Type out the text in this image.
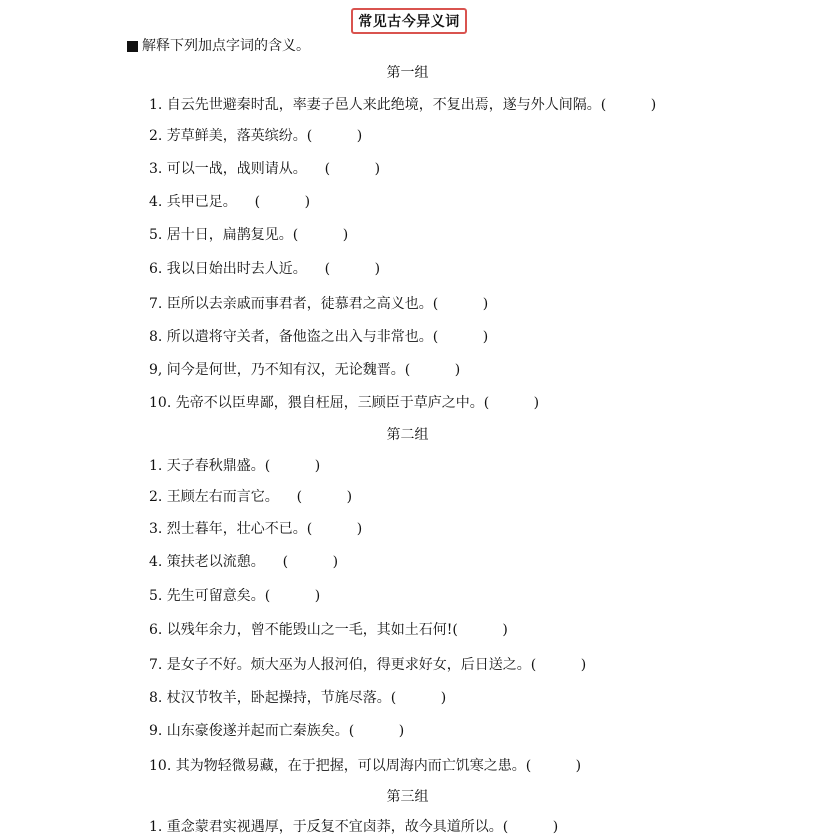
常见古今异义词
解释下列加点字词的含义。
第一组
1. 自云先世避秦时乱，率妻子邑人来此绝境，不复出焉，遂与外人间隔。(          )
2. 芳草鲜美，落英缤纷。(          )
3. 可以一战，战则请从。    (          )
4. 兵甲已足。    (          )
5. 居十日，扁鹊复见。(          )
6. 我以日始出时去人近。    (          )
7. 臣所以去亲戚而事君者，徒慕君之高义也。(          )
8. 所以遣将守关者，备他盗之出入与非常也。(          )
9, 问今是何世，乃不知有汉，无论魏晋。(          )
10. 先帝不以臣卑鄙，猥自枉屈，三顾臣于草庐之中。(          )
第二组
1. 天子春秋鼎盛。(          )
2. 王顾左右而言它。    (          )
3. 烈士暮年，壮心不已。(          )
4. 策扶老以流憩。    (          )
5. 先生可留意矣。(          )
6. 以残年余力，曾不能毁山之一毛，其如土石何!(          )
7. 是女子不好。烦大巫为人报河伯，得更求好女，后日送之。(          )
8. 杖汉节牧羊，卧起操持，节旄尽落。(          )
9. 山东豪俊遂并起而亡秦族矣。(          )
10. 其为物轻微易藏，在于把握，可以周海内而亡饥寒之患。(          )
第三组
1. 重念蒙君实视遇厚，于反复不宜卤莽，故今具道所以。(          )
